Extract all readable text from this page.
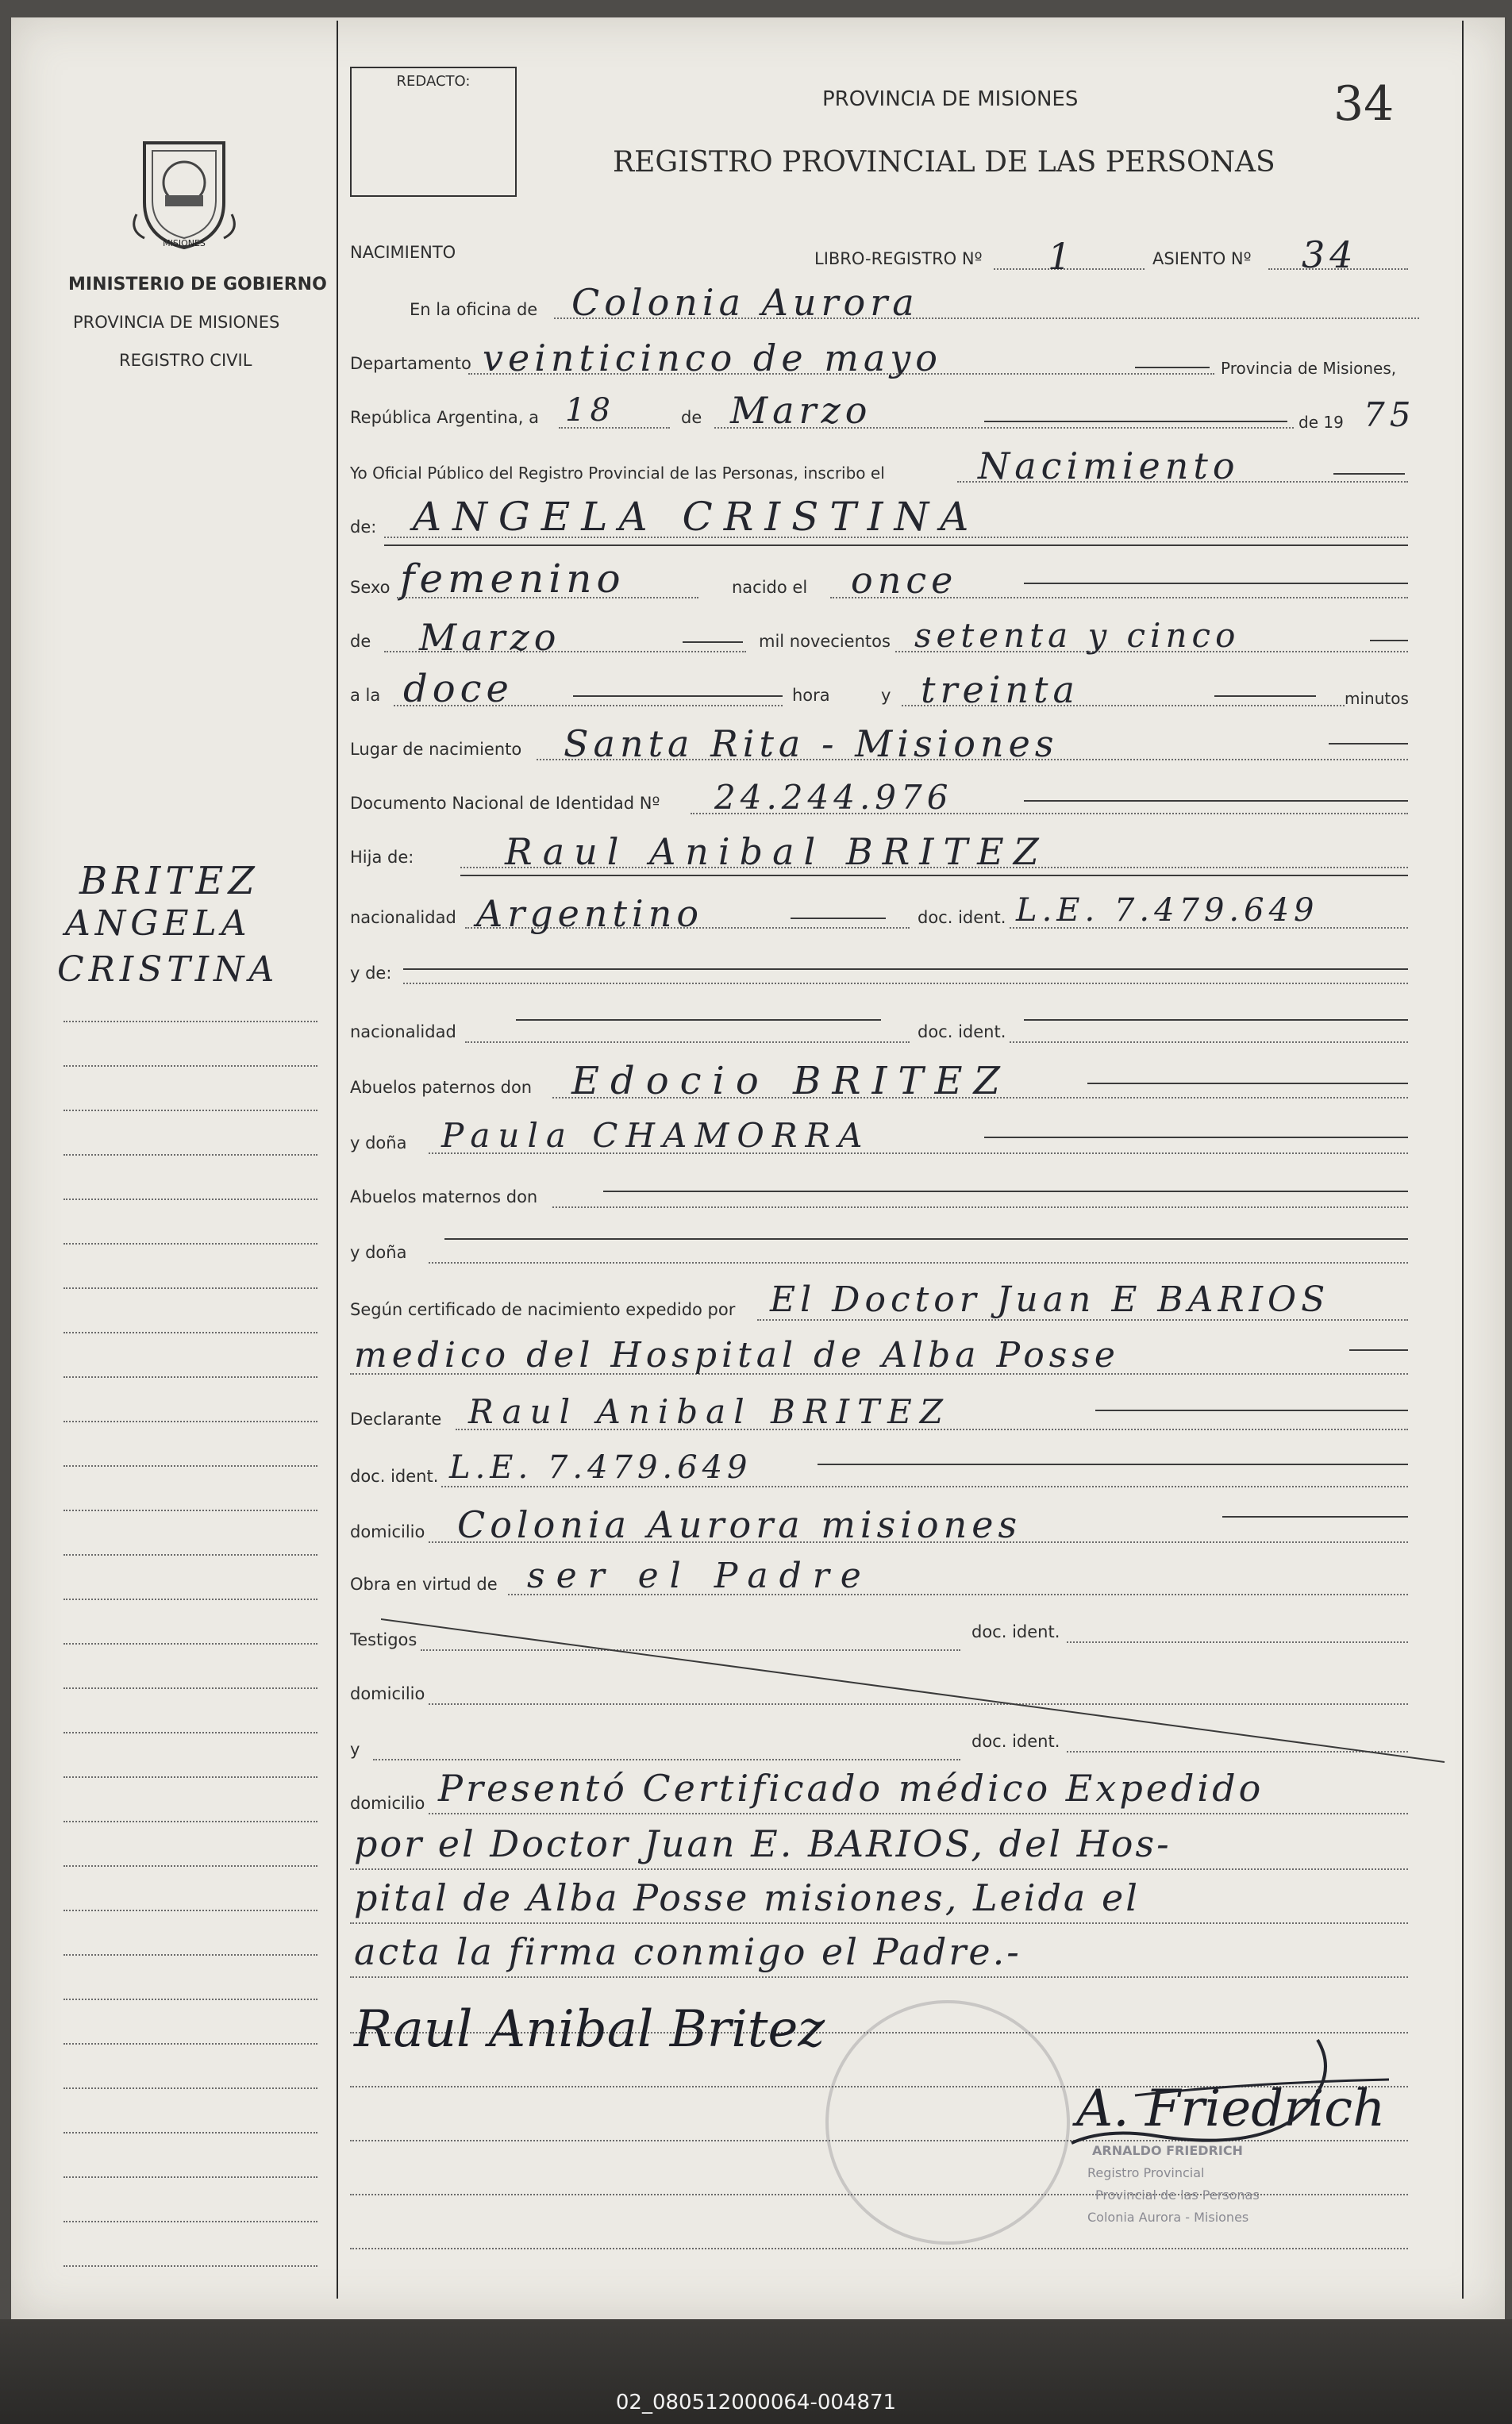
MISIONES
MINISTERIO DE GOBIERNO
PROVINCIA DE MISIONES
REGISTRO CIVIL
BRITEZ
ANGELA
CRISTINA
REDACTO:
PROVINCIA DE MISIONES
REGISTRO PROVINCIAL DE LAS PERSONAS
34
NACIMIENTO	LIBRO-REGISTRO Nº 1	ASIENTO Nº 34
En la oficina de Colonia Aurora
Departamento veinticinco de mayo	Provincia de Misiones,
República Argentina, a 18	de Marzo	de 19 75
Yo Oficial Público del Registro Provincial de las Personas, inscribo el	Nacimiento
de: ANGELA CRISTINA
Sexo femenino	nacido el once
de Marzo	mil novecientos setenta y cinco
a la doce	hora	y treinta	minutos
Lugar de nacimiento Santa Rita - Misiones
Documento Nacional de Identidad Nº 24.244.976
Hija de: Raul Anibal BRITEZ
nacionalidad Argentino	doc. ident. L.E. 7.479.649
y de:
nacionalidad	doc. ident.
Abuelos paternos don Edocio BRITEZ
y doña Paula CHAMORRA
Abuelos maternos don
y doña
Según certificado de nacimiento expedido por El Doctor Juan E BARIOS
medico del Hospital de Alba Posse
Declarante Raul Anibal BRITEZ
doc. ident. L.E. 7.479.649
domicilio Colonia Aurora misiones
Obra en virtud de ser el Padre
Testigos	doc. ident.
domicilio
y	doc. ident.
domicilio Presentó Certificado médico Expedido
por el Doctor Juan E. BARIOS, del Hos-
pital de Alba Posse misiones, Leida el
acta la firma conmigo el Padre.-
ARNALDO FRIEDRICH
Registro Provincial
Provincial de las Personas
Colonia Aurora - Misiones
Raul Anibal Britez
A. Friedrich
02_080512000064-004871
